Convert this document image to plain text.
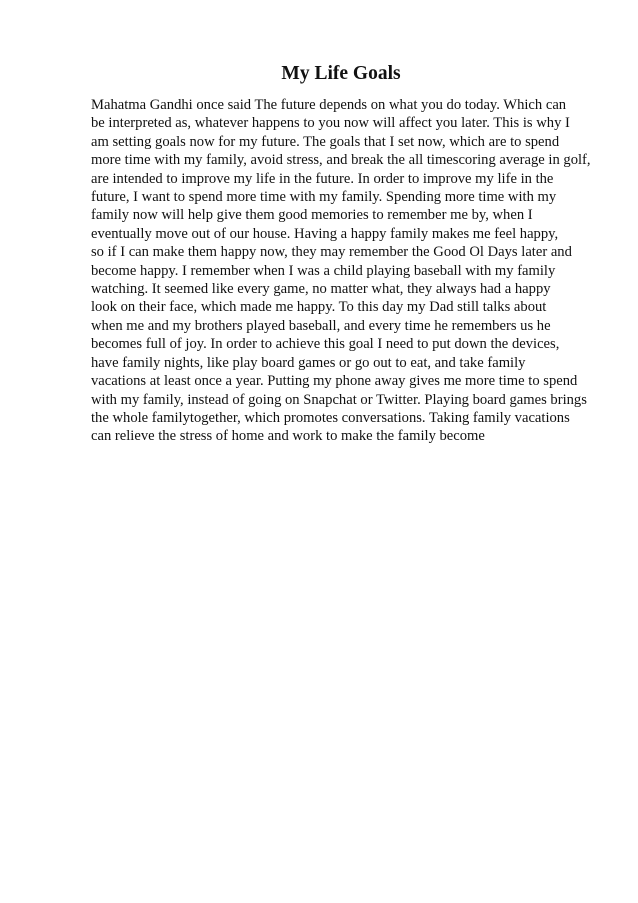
My Life Goals
Mahatma Gandhi once said The future depends on what you do today. Which can
be interpreted as, whatever happens to you now will affect you later. This is why I
am setting goals now for my future. The goals that I set now, which are to spend
more time with my family, avoid stress, and break the all timescoring average in golf,
are intended to improve my life in the future. In order to improve my life in the
future, I want to spend more time with my family. Spending more time with my
family now will help give them good memories to remember me by, when I
eventually move out of our house. Having a happy family makes me feel happy,
so if I can make them happy now, they may remember the Good Ol Days later and
become happy. I remember when I was a child playing baseball with my family
watching. It seemed like every game, no matter what, they always had a happy
look on their face, which made me happy. To this day my Dad still talks about
when me and my brothers played baseball, and every time he remembers us he
becomes full of joy. In order to achieve this goal I need to put down the devices,
have family nights, like play board games or go out to eat, and take family
vacations at least once a year. Putting my phone away gives me more time to spend
with my family, instead of going on Snapchat or Twitter. Playing board games brings
the whole familytogether, which promotes conversations. Taking family vacations
can relieve the stress of home and work to make the family become
